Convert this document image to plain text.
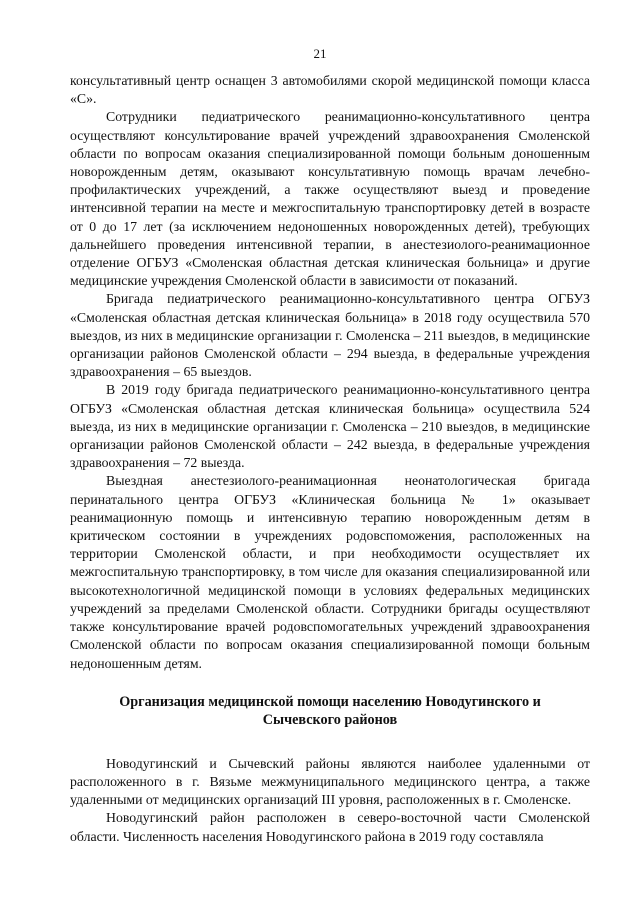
21

консультативный центр оснащен 3 автомобилями скорой медицинской помощи класса «С».

Сотрудники педиатрического реанимационно-консультативного центра осуществляют консультирование врачей учреждений здравоохранения Смоленской области по вопросам оказания специализированной помощи больным доношенным новорожденным детям, оказывают консультативную помощь врачам лечебно-профилактических учреждений, а также осуществляют выезд и проведение интенсивной терапии на месте и межгоспитальную транспортировку детей в возрасте от 0 до 17 лет (за исключением недоношенных новорожденных детей), требующих дальнейшего проведения интенсивной терапии, в анестезиолого-реанимационное отделение ОГБУЗ «Смоленская областная детская клиническая больница» и другие медицинские учреждения Смоленской области в зависимости от показаний.

Бригада педиатрического реанимационно-консультативного центра ОГБУЗ «Смоленская областная детская клиническая больница» в 2018 году осуществила 570 выездов, из них в медицинские организации г. Смоленска – 211 выездов, в медицинские организации районов Смоленской области – 294 выезда, в федеральные учреждения здравоохранения – 65 выездов.

В 2019 году бригада педиатрического реанимационно-консультативного центра ОГБУЗ «Смоленская областная детская клиническая больница» осуществила 524 выезда, из них в медицинские организации г. Смоленска – 210 выездов, в медицинские организации районов Смоленской области – 242 выезда, в федеральные учреждения здравоохранения – 72 выезда.

Выездная анестезиолого-реанимационная неонатологическая бригада перинатального центра ОГБУЗ «Клиническая больница № 1» оказывает реанимационную помощь и интенсивную терапию новорожденным детям в критическом состоянии в учреждениях родовспоможения, расположенных на территории Смоленской области, и при необходимости осуществляет их межгоспитальную транспортировку, в том числе для оказания специализированной или высокотехнологичной медицинской помощи в условиях федеральных медицинских учреждений за пределами Смоленской области. Сотрудники бригады осуществляют также консультирование врачей родовспомогательных учреждений здравоохранения Смоленской области по вопросам оказания специализированной помощи больным недоношенным детям.

Организация медицинской помощи населению Новодугинского и
Сычевского районов

Новодугинский и Сычевский районы являются наиболее удаленными от расположенного в г. Вязьме межмуниципального медицинского центра, а также удаленными от медицинских организаций III уровня, расположенных в г. Смоленске.

Новодугинский район расположен в северо-восточной части Смоленской области. Численность населения Новодугинского района в 2019 году составляла
